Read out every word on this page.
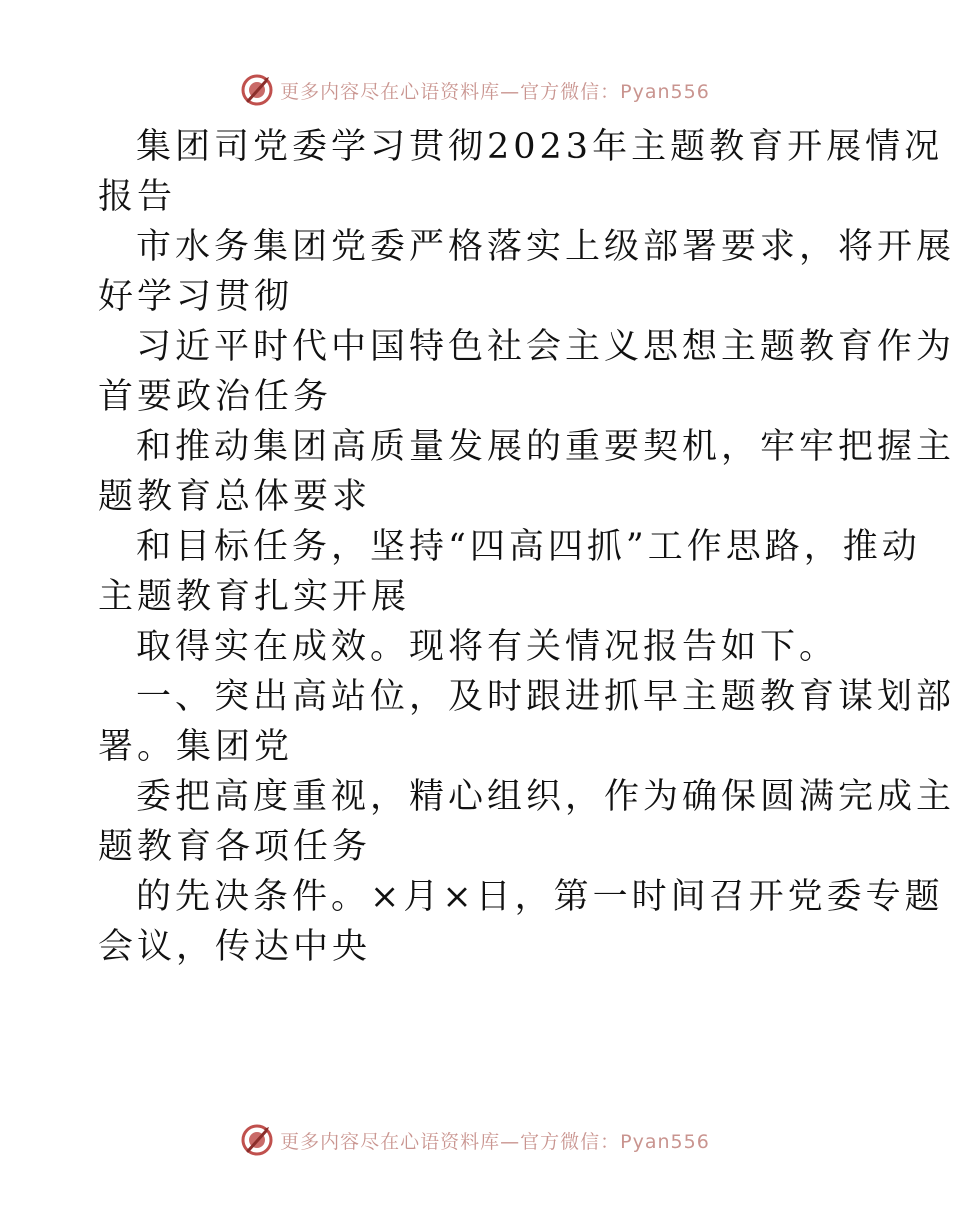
更多内容尽在心语资料库—官方微信：Pyan556
集团司党委学习贯彻2023年主题教育开展情况
报告
市水务集团党委严格落实上级部署要求，将开展
好学习贯彻
习近平时代中国特色社会主义思想主题教育作为
首要政治任务
和推动集团高质量发展的重要契机，牢牢把握主
题教育总体要求
和目标任务，坚持“四高四抓”工作思路，推动
主题教育扎实开展
取得实在成效。现将有关情况报告如下。
一、突出高站位，及时跟进抓早主题教育谋划部
署。集团党
委把高度重视，精心组织，作为确保圆满完成主
题教育各项任务
的先决条件。×月×日，第一时间召开党委专题
会议，传达中央
更多内容尽在心语资料库—官方微信：Pyan556
